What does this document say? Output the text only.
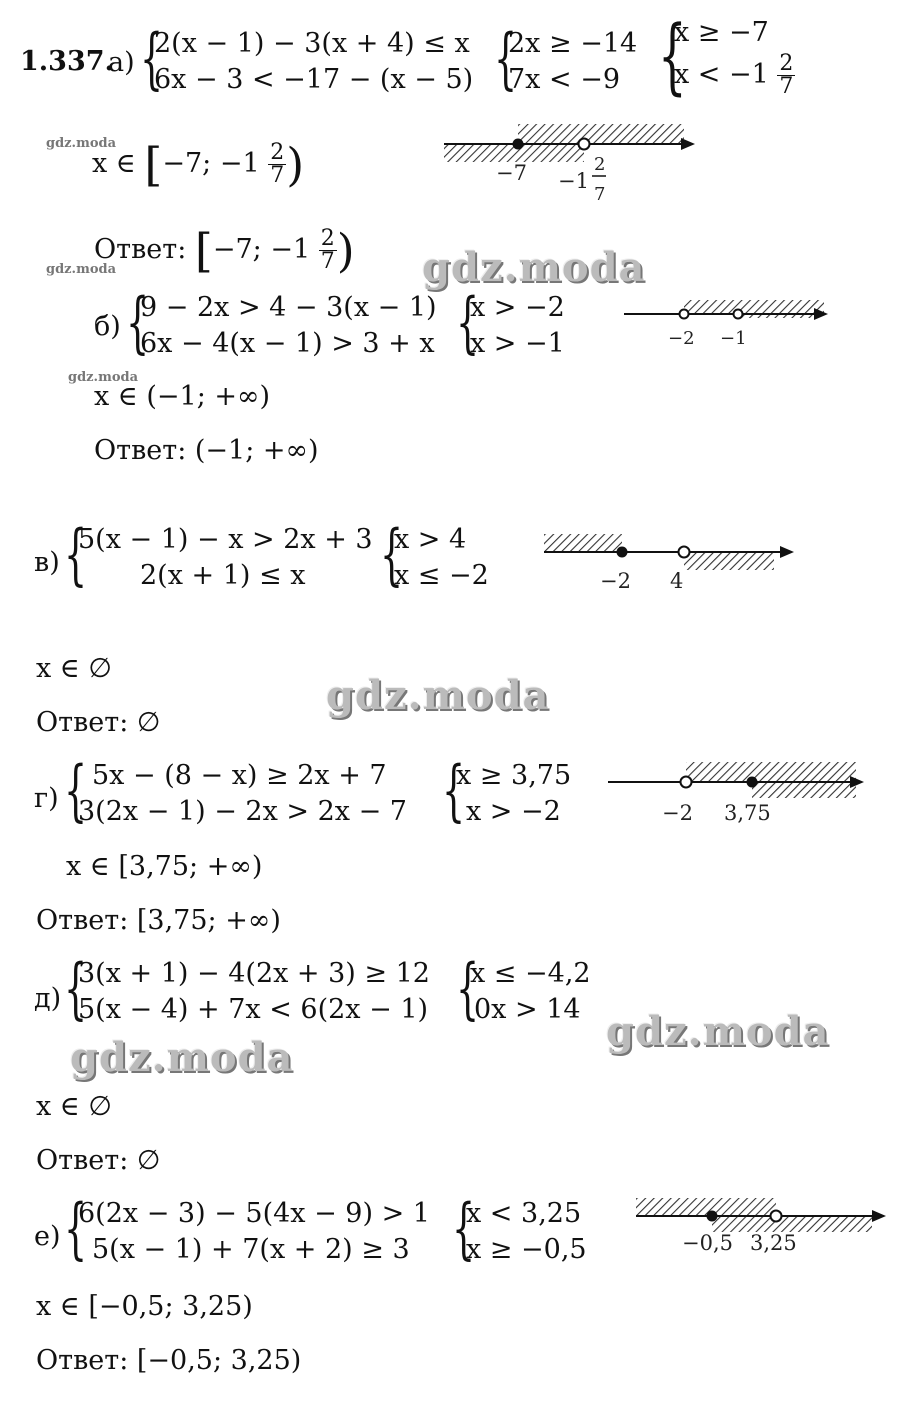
1.337.
а) {
2(x − 1) − 3(x + 4) ≤ x
6x − 3 < −17 − (x − 5) {
2x ≥ −14
7x < −9 {
x ≥ −7
$x < -1 \frac{2}{7}$
gdz.moda
x ∈ [−7; $-1 \frac{2}{7}$ )	−7 −1
2
7
Ответ: [−7; $-1 \frac{2}{7}$ ) gdz.moda
gdz.moda
б) {
9 − 2x > 4 − 3(x − 1)
6x − 4(x − 1) > 3 + x {
x > −2
x > −1	−2 −1
gdz.moda
x ∈ (−1; +∞)
Ответ: (−1; +∞)
в) {
5(x − 1) − x > 2x + 3
2(x + 1) ≤ x	{
x > 4
x ≤ −2	−2 4
x ∈ ∅
gdz.moda
Ответ: ∅
г) { 5x − (8 − x) ≥ 2x + 7
3(2x − 1) − 2x > 2x − 7 {
x ≥ 3,75
x > −2	−2 3,75
x ∈ [3,75; +∞)
Ответ: [3,75; +∞)
д) {
3(x + 1) − 4(2x + 3) ≥ 12
5(x − 4) + 7x < 6(2x − 1) {
x ≤ −4,2
0x > 14 gdz.moda
gdz.moda
x ∈ ∅
Ответ: ∅
е) {
6(2x − 3) − 5(4x − 9) > 1
5(x − 1) + 7(x + 2) ≥ 3 {
x < 3,25
x ≥ −0,5	−0,5 3,25
x ∈ [−0,5; 3,25)
Ответ: [−0,5; 3,25)
